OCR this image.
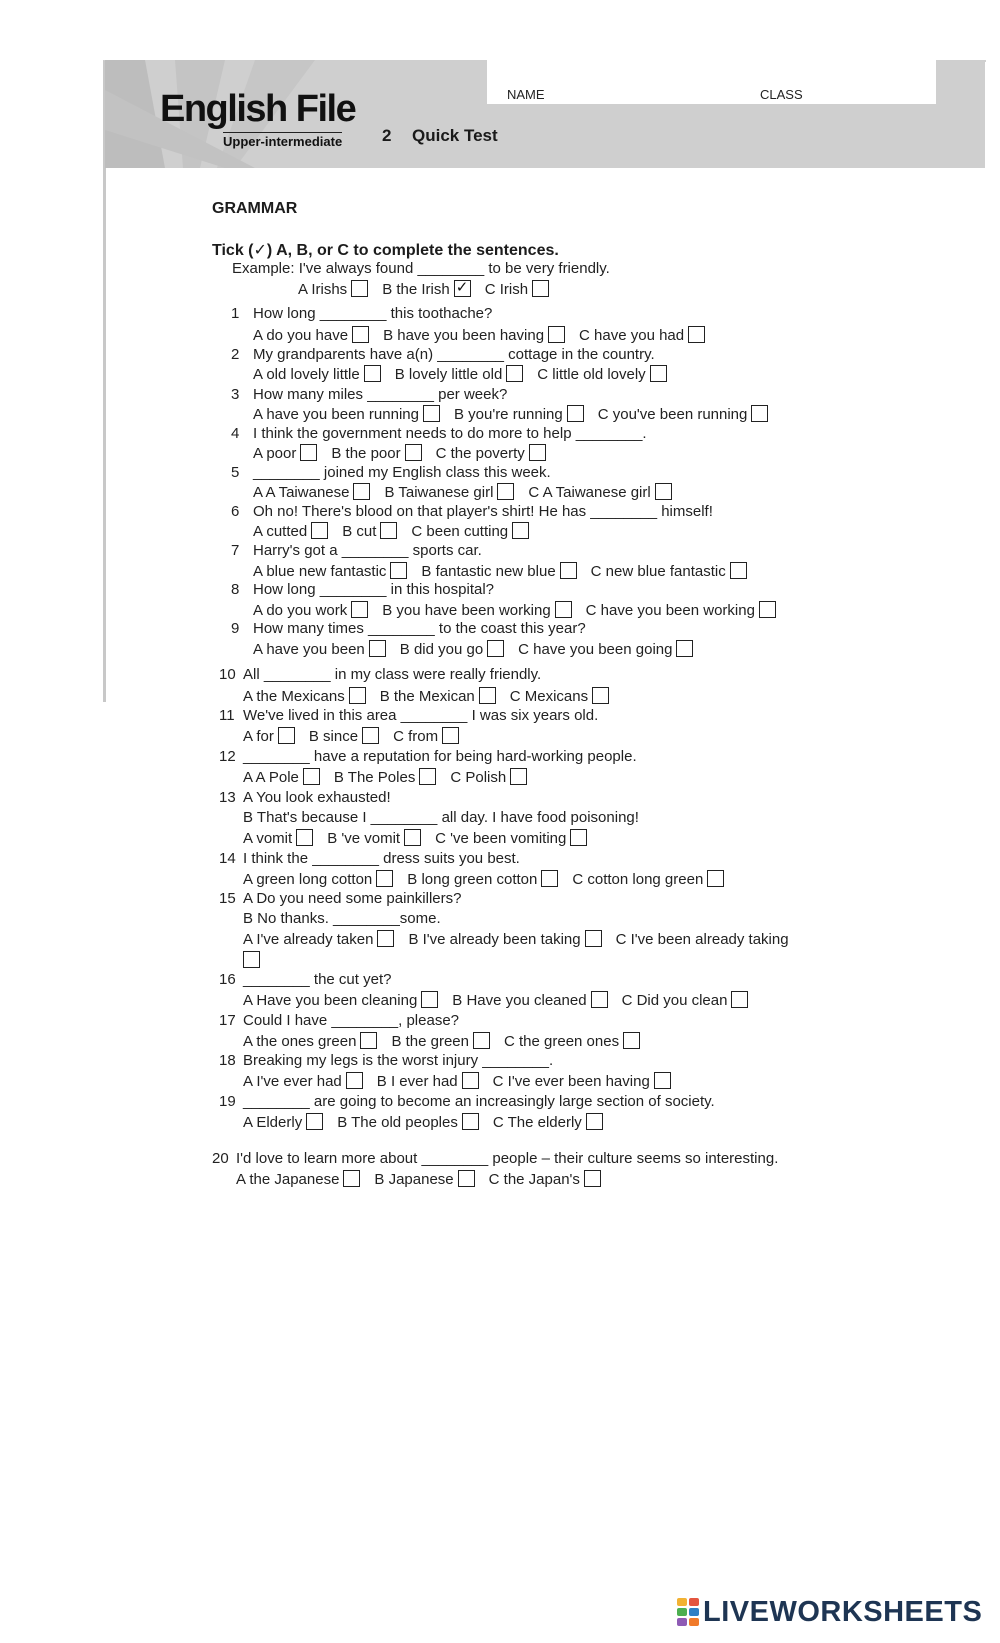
English File
Upper-intermediate 2 Quick Test
NAME	CLASS
GRAMMAR
Tick (✓) A, B, or C to complete the sentences.
Example: I've always found ________ to be very friendly.
A Irishs B the Irish✓ C Irish
1 How long ________ this toothache?
A do you have B have you been having C have you had
2 My grandparents have a(n) ________ cottage in the country.
A old lovely little B lovely little old C little old lovely
3 How many miles ________ per week?
A have you been running B you're running C you've been running
4 I think the government needs to do more to help ________.
A poor B the poor C the poverty
5 ________ joined my English class this week.
A A Taiwanese B Taiwanese girl C A Taiwanese girl
6 Oh no! There's blood on that player's shirt! He has ________ himself!
A cutted B cut C been cutting
7 Harry's got a ________ sports car.
A blue new fantastic B fantastic new blue C new blue fantastic
8 How long ________ in this hospital?
A do you work B you have been working C have you been working
9 How many times ________ to the coast this year?
A have you been B did you go C have you been going
10 All ________ in my class were really friendly.
A the Mexicans B the Mexican C Mexicans
11 We've lived in this area ________ I was six years old.
A for B since C from
12 ________ have a reputation for being hard-working people.
A A Pole B The Poles C Polish
13 A You look exhausted!
B That's because I ________ all day. I have food poisoning!
A vomit B 've vomit C 've been vomiting
14 I think the ________ dress suits you best.
A green long cotton B long green cotton C cotton long green
15 A Do you need some painkillers?
B No thanks. ________some.
A I've already taken B I've already been taking C I've been already taking
16 ________ the cut yet?
A Have you been cleaning B Have you cleaned C Did you clean
17 Could I have ________, please?
A the ones green B the green C the green ones
18 Breaking my legs is the worst injury ________.
A I've ever had B I ever had C I've ever been having
19 ________ are going to become an increasingly large section of society.
A Elderly B The old peoples C The elderly
20 I'd love to learn more about ________ people – their culture seems so interesting.
A the Japanese B Japanese C the Japan's
LIVEWORKSHEETS
